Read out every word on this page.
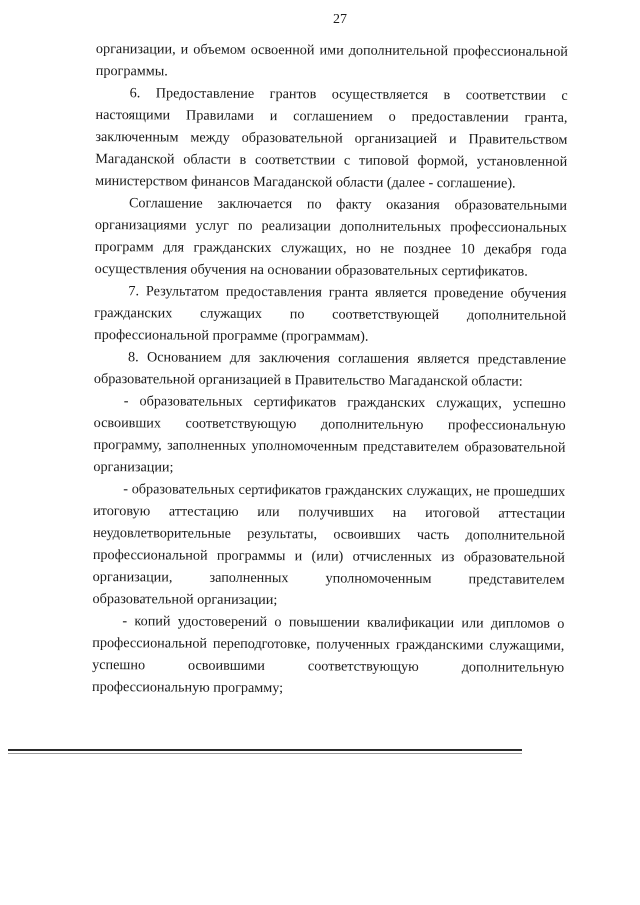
27

организации, и объемом освоенной ими дополнительной профессиональной программы.

6. Предоставление грантов осуществляется в соответствии с настоящими Правилами и соглашением о предоставлении гранта, заключенным между образовательной организацией и Правительством Магаданской области в соответствии с типовой формой, установленной министерством финансов Магаданской области (далее - соглашение).

Соглашение заключается по факту оказания образовательными организациями услуг по реализации дополнительных профессиональных программ для гражданских служащих, но не позднее 10 декабря года осуществления обучения на основании образовательных сертификатов.

7. Результатом предоставления гранта является проведение обучения гражданских служащих по соответствующей дополнительной профессиональной программе (программам).

8. Основанием для заключения соглашения является представление образовательной организацией в Правительство Магаданской области:

- образовательных сертификатов гражданских служащих, успешно освоивших соответствующую дополнительную профессиональную программу, заполненных уполномоченным представителем образовательной организации;

- образовательных сертификатов гражданских служащих, не прошедших итоговую аттестацию или получивших на итоговой аттестации неудовлетворительные результаты, освоивших часть дополнительной профессиональной программы и (или) отчисленных из образовательной организации, заполненных уполномоченным представителем образовательной организации;

- копий удостоверений о повышении квалификации или дипломов о профессиональной переподготовке, полученных гражданскими служащими, успешно освоившими соответствующую дополнительную профессиональную программу;
